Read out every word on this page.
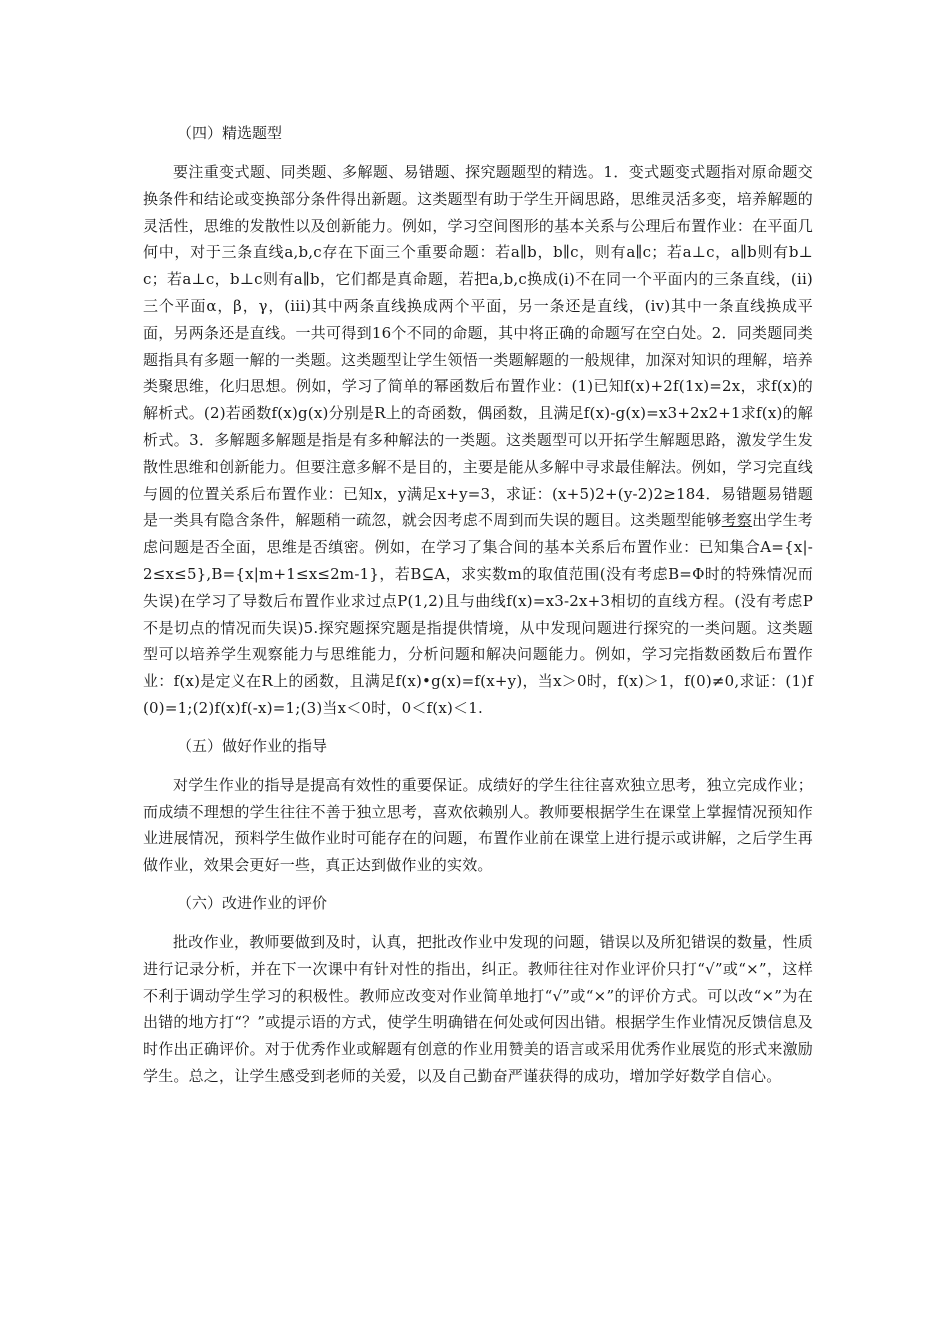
（四）精选题型

要注重变式题、同类题、多解题、易错题、探究题题型的精选。1．变式题变式题指对原命题交换条件和结论或变换部分条件得出新题。这类题型有助于学生开阔思路，思维灵活多变，培养解题的灵活性，思维的发散性以及创新能力。例如，学习空间图形的基本关系与公理后布置作业：在平面几何中，对于三条直线a,b,c存在下面三个重要命题：若a∥b，b∥c，则有a∥c；若a⊥c，a∥b则有b⊥c；若a⊥c，b⊥c则有a∥b，它们都是真命题，若把a,b,c换成(i)不在同一个平面内的三条直线，(ii)三个平面α，β，γ，(iii)其中两条直线换成两个平面，另一条还是直线，(iv)其中一条直线换成平面，另两条还是直线。一共可得到16个不同的命题，其中将正确的命题写在空白处。2．同类题同类题指具有多题一解的一类题。这类题型让学生领悟一类题解题的一般规律，加深对知识的理解，培养类聚思维，化归思想。例如，学习了简单的幂函数后布置作业：(1)已知f(x)+2f(1x)=2x，求f(x)的解析式。(2)若函数f(x)g(x)分别是R上的奇函数，偶函数，且满足f(x)-g(x)=x3+2x2+1求f(x)的解析式。3．多解题多解题是指是有多种解法的一类题。这类题型可以开拓学生解题思路，激发学生发散性思维和创新能力。但要注意多解不是目的，主要是能从多解中寻求最佳解法。例如，学习完直线与圆的位置关系后布置作业：已知x，y满足x+y=3，求证：(x+5)2+(y-2)2≥184．易错题易错题是一类具有隐含条件，解题稍一疏忽，就会因考虑不周到而失误的题目。这类题型能够考察出学生考虑问题是否全面，思维是否缜密。例如，在学习了集合间的基本关系后布置作业：已知集合A={x|-2≤x≤5},B={x|m+1≤x≤2m-1}，若B⊆A，求实数m的取值范围(没有考虑B=Φ时的特殊情况而失误)在学习了导数后布置作业求过点P(1,2)且与曲线f(x)=x3-2x+3相切的直线方程。(没有考虑P不是切点的情况而失误)5.探究题探究题是指提供情境，从中发现问题进行探究的一类问题。这类题型可以培养学生观察能力与思维能力，分析问题和解决问题能力。例如，学习完指数函数后布置作业：f(x)是定义在R上的函数，且满足f(x)•g(x)=f(x+y)，当x＞0时，f(x)＞1，f(0)≠0,求证：(1)f(0)=1;(2)f(x)f(-x)=1;(3)当x＜0时，0＜f(x)＜1.

（五）做好作业的指导

对学生作业的指导是提高有效性的重要保证。成绩好的学生往往喜欢独立思考，独立完成作业；而成绩不理想的学生往往不善于独立思考，喜欢依赖别人。教师要根据学生在课堂上掌握情况预知作业进展情况，预料学生做作业时可能存在的问题，布置作业前在课堂上进行提示或讲解，之后学生再做作业，效果会更好一些，真正达到做作业的实效。

（六）改进作业的评价

批改作业，教师要做到及时，认真，把批改作业中发现的问题，错误以及所犯错误的数量，性质进行记录分析，并在下一次课中有针对性的指出，纠正。教师往往对作业评价只打“√”或“×”，这样不利于调动学生学习的积极性。教师应改变对作业简单地打“√”或“×”的评价方式。可以改“×”为在出错的地方打“？”或提示语的方式，使学生明确错在何处或何因出错。根据学生作业情况反馈信息及时作出正确评价。对于优秀作业或解题有创意的作业用赞美的语言或采用优秀作业展览的形式来激励学生。总之，让学生感受到老师的关爱，以及自己勤奋严谨获得的成功，增加学好数学自信心。
